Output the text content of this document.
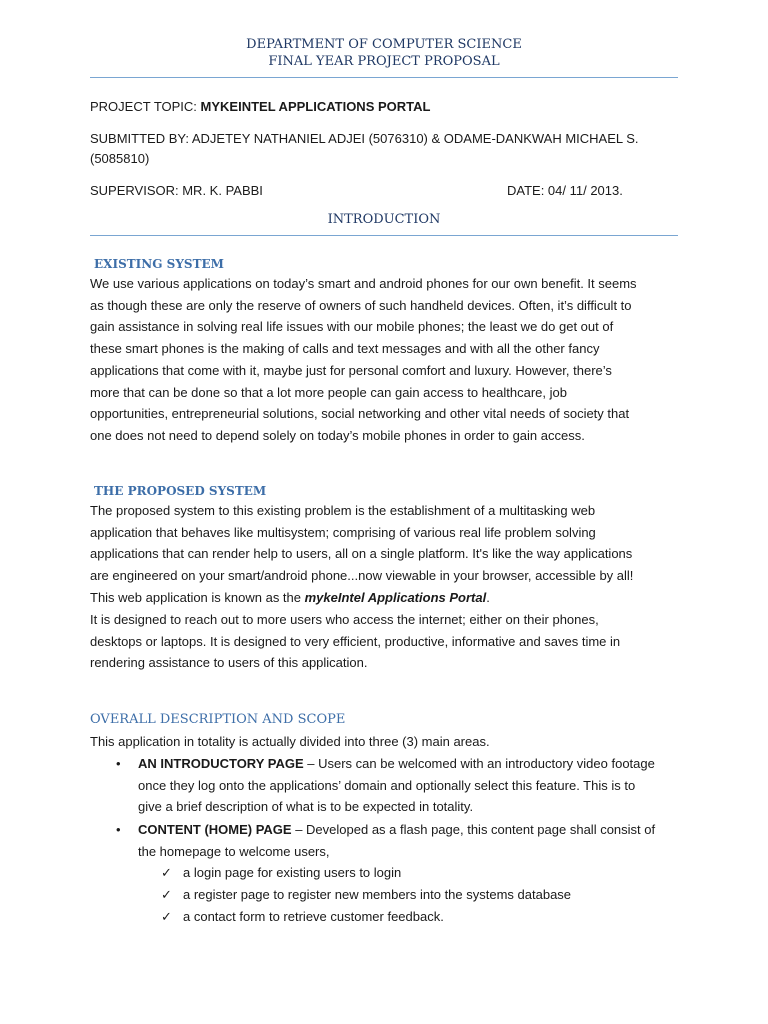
DEPARTMENT OF COMPUTER SCIENCE
FINAL YEAR PROJECT PROPOSAL
PROJECT TOPIC: MYKEINTEL APPLICATIONS PORTAL
SUBMITTED BY: ADJETEY NATHANIEL ADJEI (5076310) & ODAME-DANKWAH MICHAEL S.
(5085810)
SUPERVISOR: MR. K. PABBI	DATE: 04/ 11/ 2013.
INTRODUCTION
EXISTING SYSTEM
We use various applications on today’s smart and android phones for our own benefit. It seems
as though these are only the reserve of owners of such handheld devices. Often, it’s difficult to
gain assistance in solving real life issues with our mobile phones; the least we do get out of
these smart phones is the making of calls and text messages and with all the other fancy
applications that come with it, maybe just for personal comfort and luxury. However, there’s
more that can be done so that a lot more people can gain access to healthcare, job
opportunities, entrepreneurial solutions, social networking and other vital needs of society that
one does not need to depend solely on today’s mobile phones in order to gain access.
THE PROPOSED SYSTEM
The proposed system to this existing problem is the establishment of a multitasking web
application that behaves like multisystem; comprising of various real life problem solving
applications that can render help to users, all on a single platform. It's like the way applications
are engineered on your smart/android phone...now viewable in your browser, accessible by all!
This web application is known as the mykeIntel Applications Portal.
It is designed to reach out to more users who access the internet; either on their phones,
desktops or laptops. It is designed to very efficient, productive, informative and saves time in
rendering assistance to users of this application.
OVERALL DESCRIPTION AND SCOPE
This application in totality is actually divided into three (3) main areas.
• AN INTRODUCTORY PAGE – Users can be welcomed with an introductory video footage
once they log onto the applications’ domain and optionally select this feature. This is to
give a brief description of what is to be expected in totality.
• CONTENT (HOME) PAGE – Developed as a flash page, this content page shall consist of
the homepage to welcome users,
✓ a login page for existing users to login
✓ a register page to register new members into the systems database
✓ a contact form to retrieve customer feedback.
